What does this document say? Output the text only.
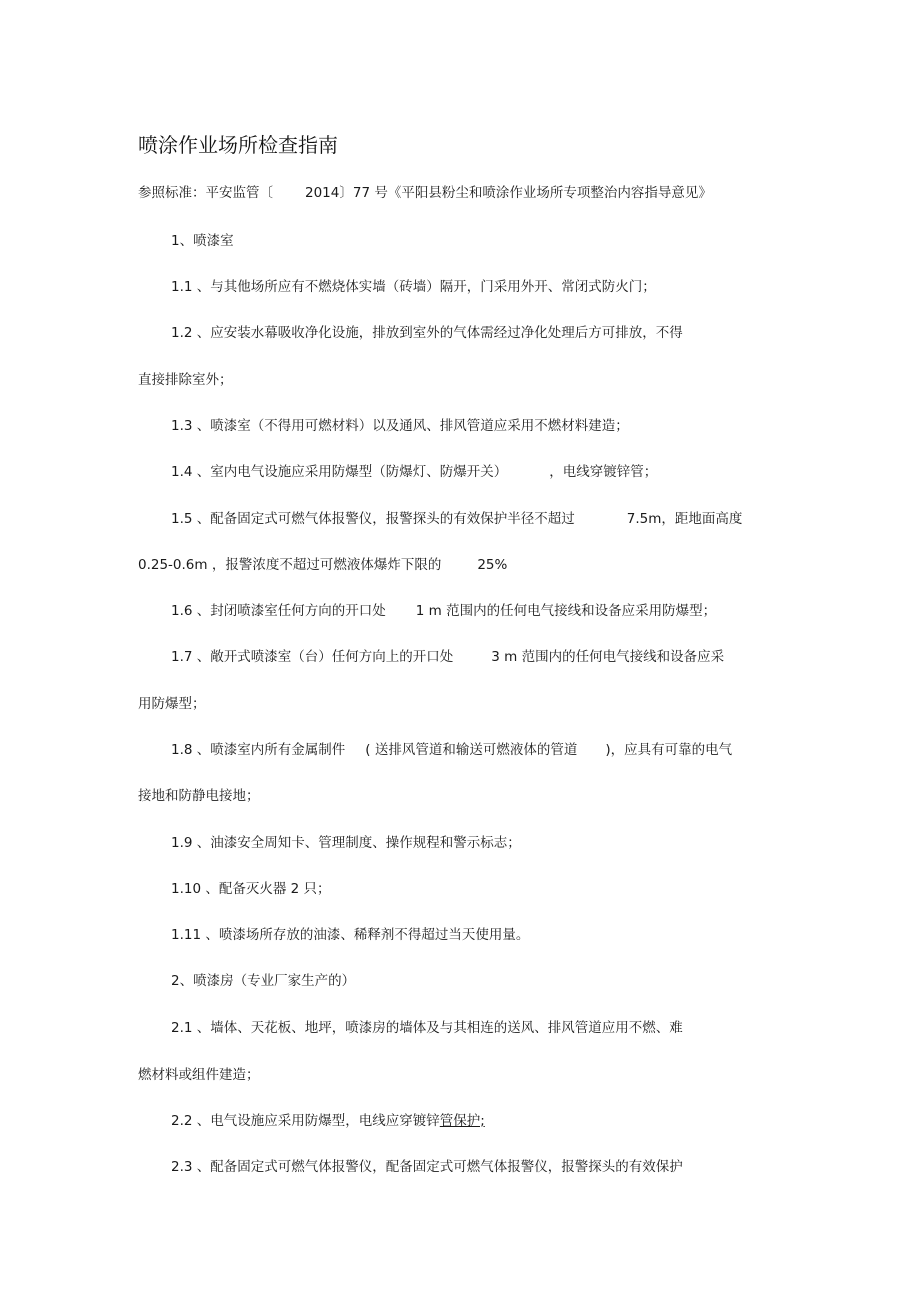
喷涂作业场所检查指南
参照标准：平安监管〔 2014〕77 号《平阳县粉尘和喷涂作业场所专项整治内容指导意见》
1、喷漆室
1.1 、与其他场所应有不燃烧体实墙（砖墙）隔开，门采用外开、常闭式防火门；
1.2 、应安装水幕吸收净化设施，排放到室外的气体需经过净化处理后方可排放，不得
直接排除室外；
1.3 、喷漆室（不得用可燃材料）以及通风、排风管道应采用不燃材料建造；
1.4 、室内电气设施应采用防爆型（防爆灯、防爆开关）	，电线穿镀锌管；
1.5 、配备固定式可燃气体报警仪，报警探头的有效保护半径不超过	7.5m，距地面高度
0.25-0.6m ，报警浓度不超过可燃液体爆炸下限的	25%
1.6 、封闭喷漆室任何方向的开口处 1 m 范围内的任何电气接线和设备应采用防爆型；
1.7 、敞开式喷漆室（台）任何方向上的开口处	3 m 范围内的任何电气接线和设备应采
用防爆型；
1.8 、喷漆室内所有金属制件 ( 送排风管道和输送可燃液体的管道 )，应具有可靠的电气
接地和防静电接地；
1.9 、油漆安全周知卡、管理制度、操作规程和警示标志；
1.10 、配备灭火器 2 只；
1.11 、喷漆场所存放的油漆、稀释剂不得超过当天使用量。
2、喷漆房（专业厂家生产的）
2.1 、墙体、天花板、地坪，喷漆房的墙体及与其相连的送风、排风管道应用不燃、难
燃材料或组件建造；
2.2 、电气设施应采用防爆型，电线应穿镀锌管保护;
2.3 、配备固定式可燃气体报警仪，配备固定式可燃气体报警仪，报警探头的有效保护
